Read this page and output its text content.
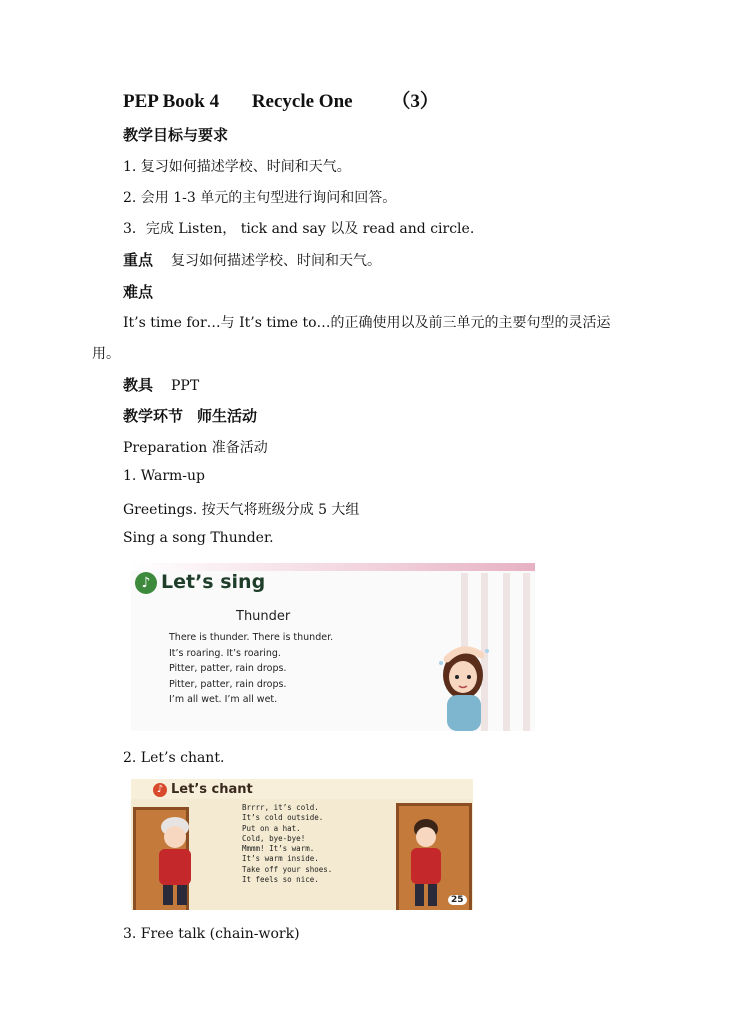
PEP Book 4 Recycle One （3）
教学目标与要求
1. 复习如何描述学校、时间和天气。
2. 会用 1-3 单元的主句型进行询问和回答。
3．完成 Listen， tick and say 以及 read and circle.
重点 复习如何描述学校、时间和天气。
难点
It’s time for…与 It’s time to…的正确使用以及前三单元的主要句型的灵活运
用。
教具 PPT
教学环节 师生活动
Preparation 准备活动
1. Warm-up
Greetings. 按天气将班级分成 5 大组
Sing a song Thunder.
♪ Let’s sing
Thunder
There is thunder. There is thunder.
It’s roaring. It’s roaring.
Pitter, patter, rain drops.
Pitter, patter, rain drops.
I’m all wet. I’m all wet.
2. Let’s chant.
♪ Let’s chant
Brrrr, it’s cold.
It’s cold outside.
Put on a hat.
Cold, bye-bye!
Mmmm! It’s warm.
It’s warm inside.
Take off your shoes.
It feels so nice.
25
3. Free talk (chain-work)
